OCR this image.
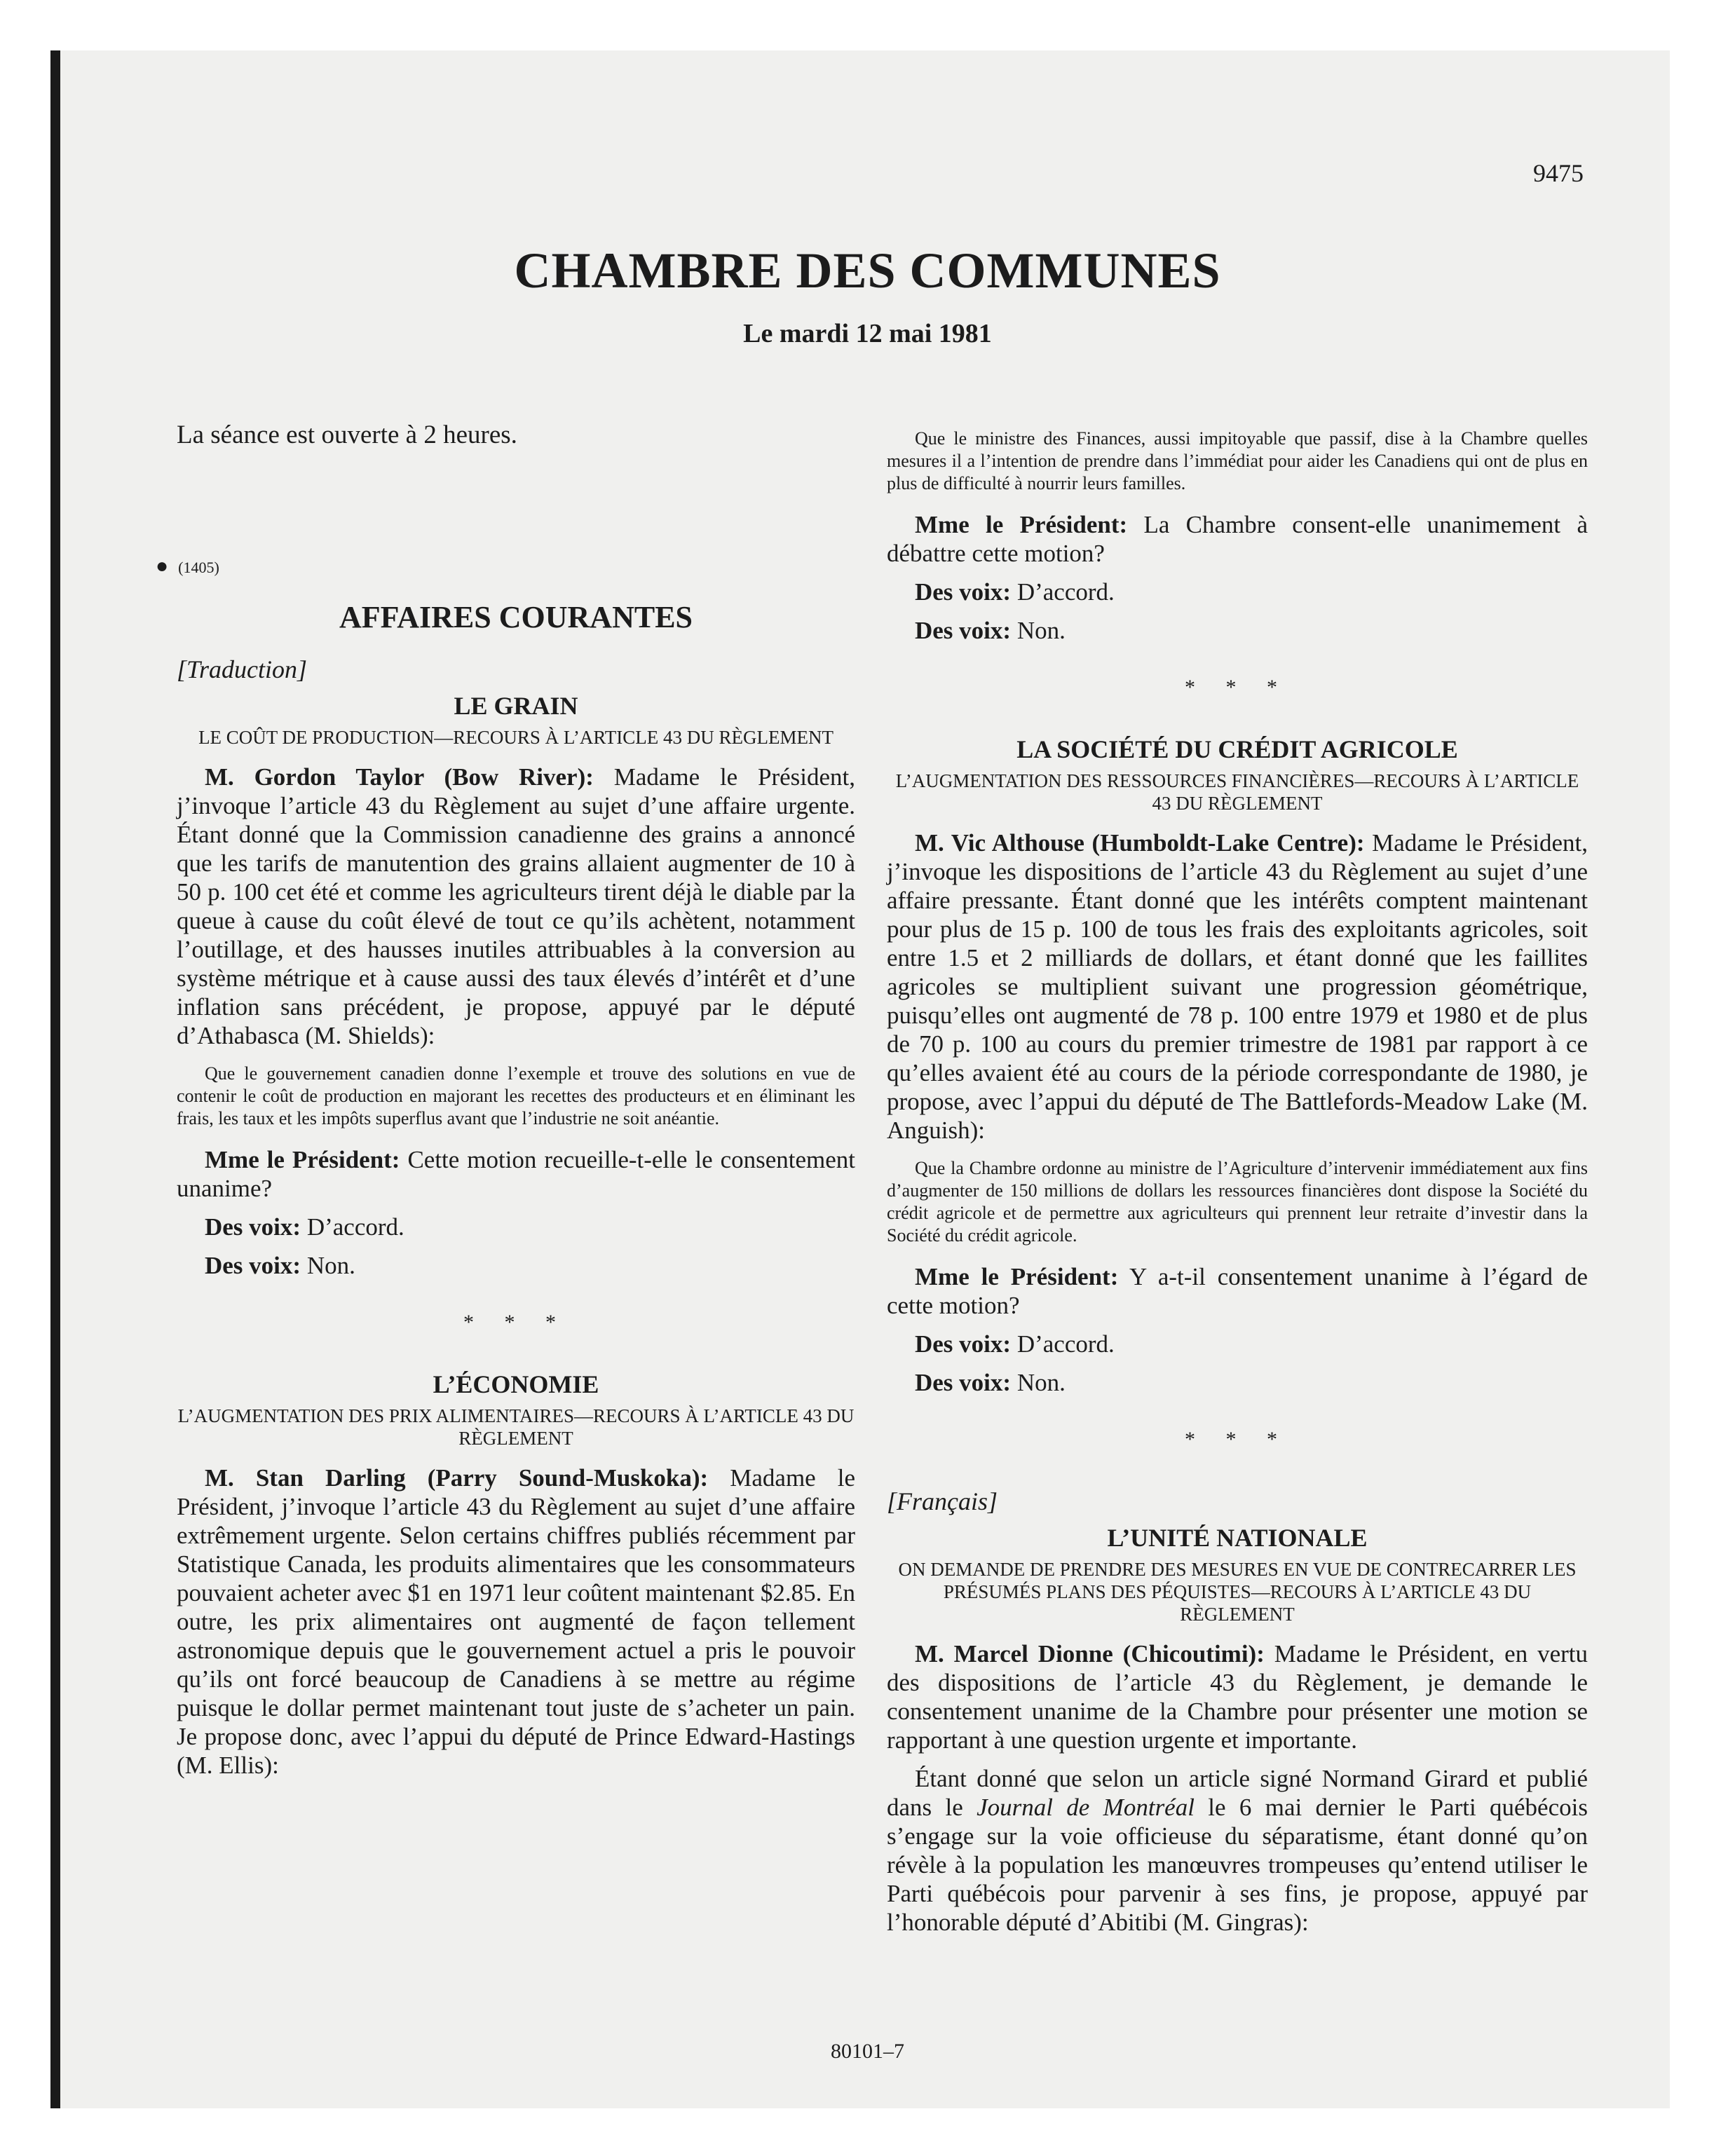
9475
CHAMBRE DES COMMUNES
Le mardi 12 mai 1981

La séance est ouverte à 2 heures.

● (1405)
AFFAIRES COURANTES
[Traduction]
LE GRAIN
LE COÛT DE PRODUCTION—RECOURS À L’ARTICLE 43 DU RÈGLEMENT

M. Gordon Taylor (Bow River): Madame le Président, j’invoque l’article 43 du Règlement au sujet d’une affaire urgente. Étant donné que la Commission canadienne des grains a annoncé que les tarifs de manutention des grains allaient augmenter de 10 à 50 p. 100 cet été et comme les agriculteurs tirent déjà le diable par la queue à cause du coût élevé de tout ce qu’ils achètent, notamment l’outillage, et des hausses inutiles attribuables à la conversion au système métrique et à cause aussi des taux élevés d’intérêt et d’une inflation sans précédent, je propose, appuyé par le député d’Athabasca (M. Shields):

Que le gouvernement canadien donne l’exemple et trouve des solutions en vue de contenir le coût de production en majorant les recettes des producteurs et en éliminant les frais, les taux et les impôts superflus avant que l’industrie ne soit anéantie.

Mme le Président: Cette motion recueille-t-elle le consentement unanime?

Des voix: D’accord.

Des voix: Non.

* * *
L’ÉCONOMIE
L’AUGMENTATION DES PRIX ALIMENTAIRES—RECOURS À L’ARTICLE 43 DU RÈGLEMENT

M. Stan Darling (Parry Sound-Muskoka): Madame le Président, j’invoque l’article 43 du Règlement au sujet d’une affaire extrêmement urgente. Selon certains chiffres publiés récemment par Statistique Canada, les produits alimentaires que les consommateurs pouvaient acheter avec $1 en 1971 leur coûtent maintenant $2.85. En outre, les prix alimentaires ont augmenté de façon tellement astronomique depuis que le gouvernement actuel a pris le pouvoir qu’ils ont forcé beaucoup de Canadiens à se mettre au régime puisque le dollar permet maintenant tout juste de s’acheter un pain. Je propose donc, avec l’appui du député de Prince Edward-Hastings (M. Ellis):

Que le ministre des Finances, aussi impitoyable que passif, dise à la Chambre quelles mesures il a l’intention de prendre dans l’immédiat pour aider les Canadiens qui ont de plus en plus de difficulté à nourrir leurs familles.

Mme le Président: La Chambre consent-elle unanimement à débattre cette motion?

Des voix: D’accord.

Des voix: Non.

* * *
LA SOCIÉTÉ DU CRÉDIT AGRICOLE
L’AUGMENTATION DES RESSOURCES FINANCIÈRES—RECOURS À L’ARTICLE 43 DU RÈGLEMENT

M. Vic Althouse (Humboldt-Lake Centre): Madame le Président, j’invoque les dispositions de l’article 43 du Règlement au sujet d’une affaire pressante. Étant donné que les intérêts comptent maintenant pour plus de 15 p. 100 de tous les frais des exploitants agricoles, soit entre 1.5 et 2 milliards de dollars, et étant donné que les faillites agricoles se multiplient suivant une progression géométrique, puisqu’elles ont augmenté de 78 p. 100 entre 1979 et 1980 et de plus de 70 p. 100 au cours du premier trimestre de 1981 par rapport à ce qu’elles avaient été au cours de la période correspondante de 1980, je propose, avec l’appui du député de The Battlefords-Meadow Lake (M. Anguish):

Que la Chambre ordonne au ministre de l’Agriculture d’intervenir immédiatement aux fins d’augmenter de 150 millions de dollars les ressources financières dont dispose la Société du crédit agricole et de permettre aux agriculteurs qui prennent leur retraite d’investir dans la Société du crédit agricole.

Mme le Président: Y a-t-il consentement unanime à l’égard de cette motion?

Des voix: D’accord.

Des voix: Non.

* * *
[Français]
L’UNITÉ NATIONALE
ON DEMANDE DE PRENDRE DES MESURES EN VUE DE CONTRECARRER LES PRÉSUMÉS PLANS DES PÉQUISTES—RECOURS À L’ARTICLE 43 DU RÈGLEMENT

M. Marcel Dionne (Chicoutimi): Madame le Président, en vertu des dispositions de l’article 43 du Règlement, je demande le consentement unanime de la Chambre pour présenter une motion se rapportant à une question urgente et importante.

Étant donné que selon un article signé Normand Girard et publié dans le Journal de Montréal le 6 mai dernier le Parti québécois s’engage sur la voie officieuse du séparatisme, étant donné qu’on révèle à la population les manœuvres trompeuses qu’entend utiliser le Parti québécois pour parvenir à ses fins, je propose, appuyé par l’honorable député d’Abitibi (M. Gingras):

80101–7
